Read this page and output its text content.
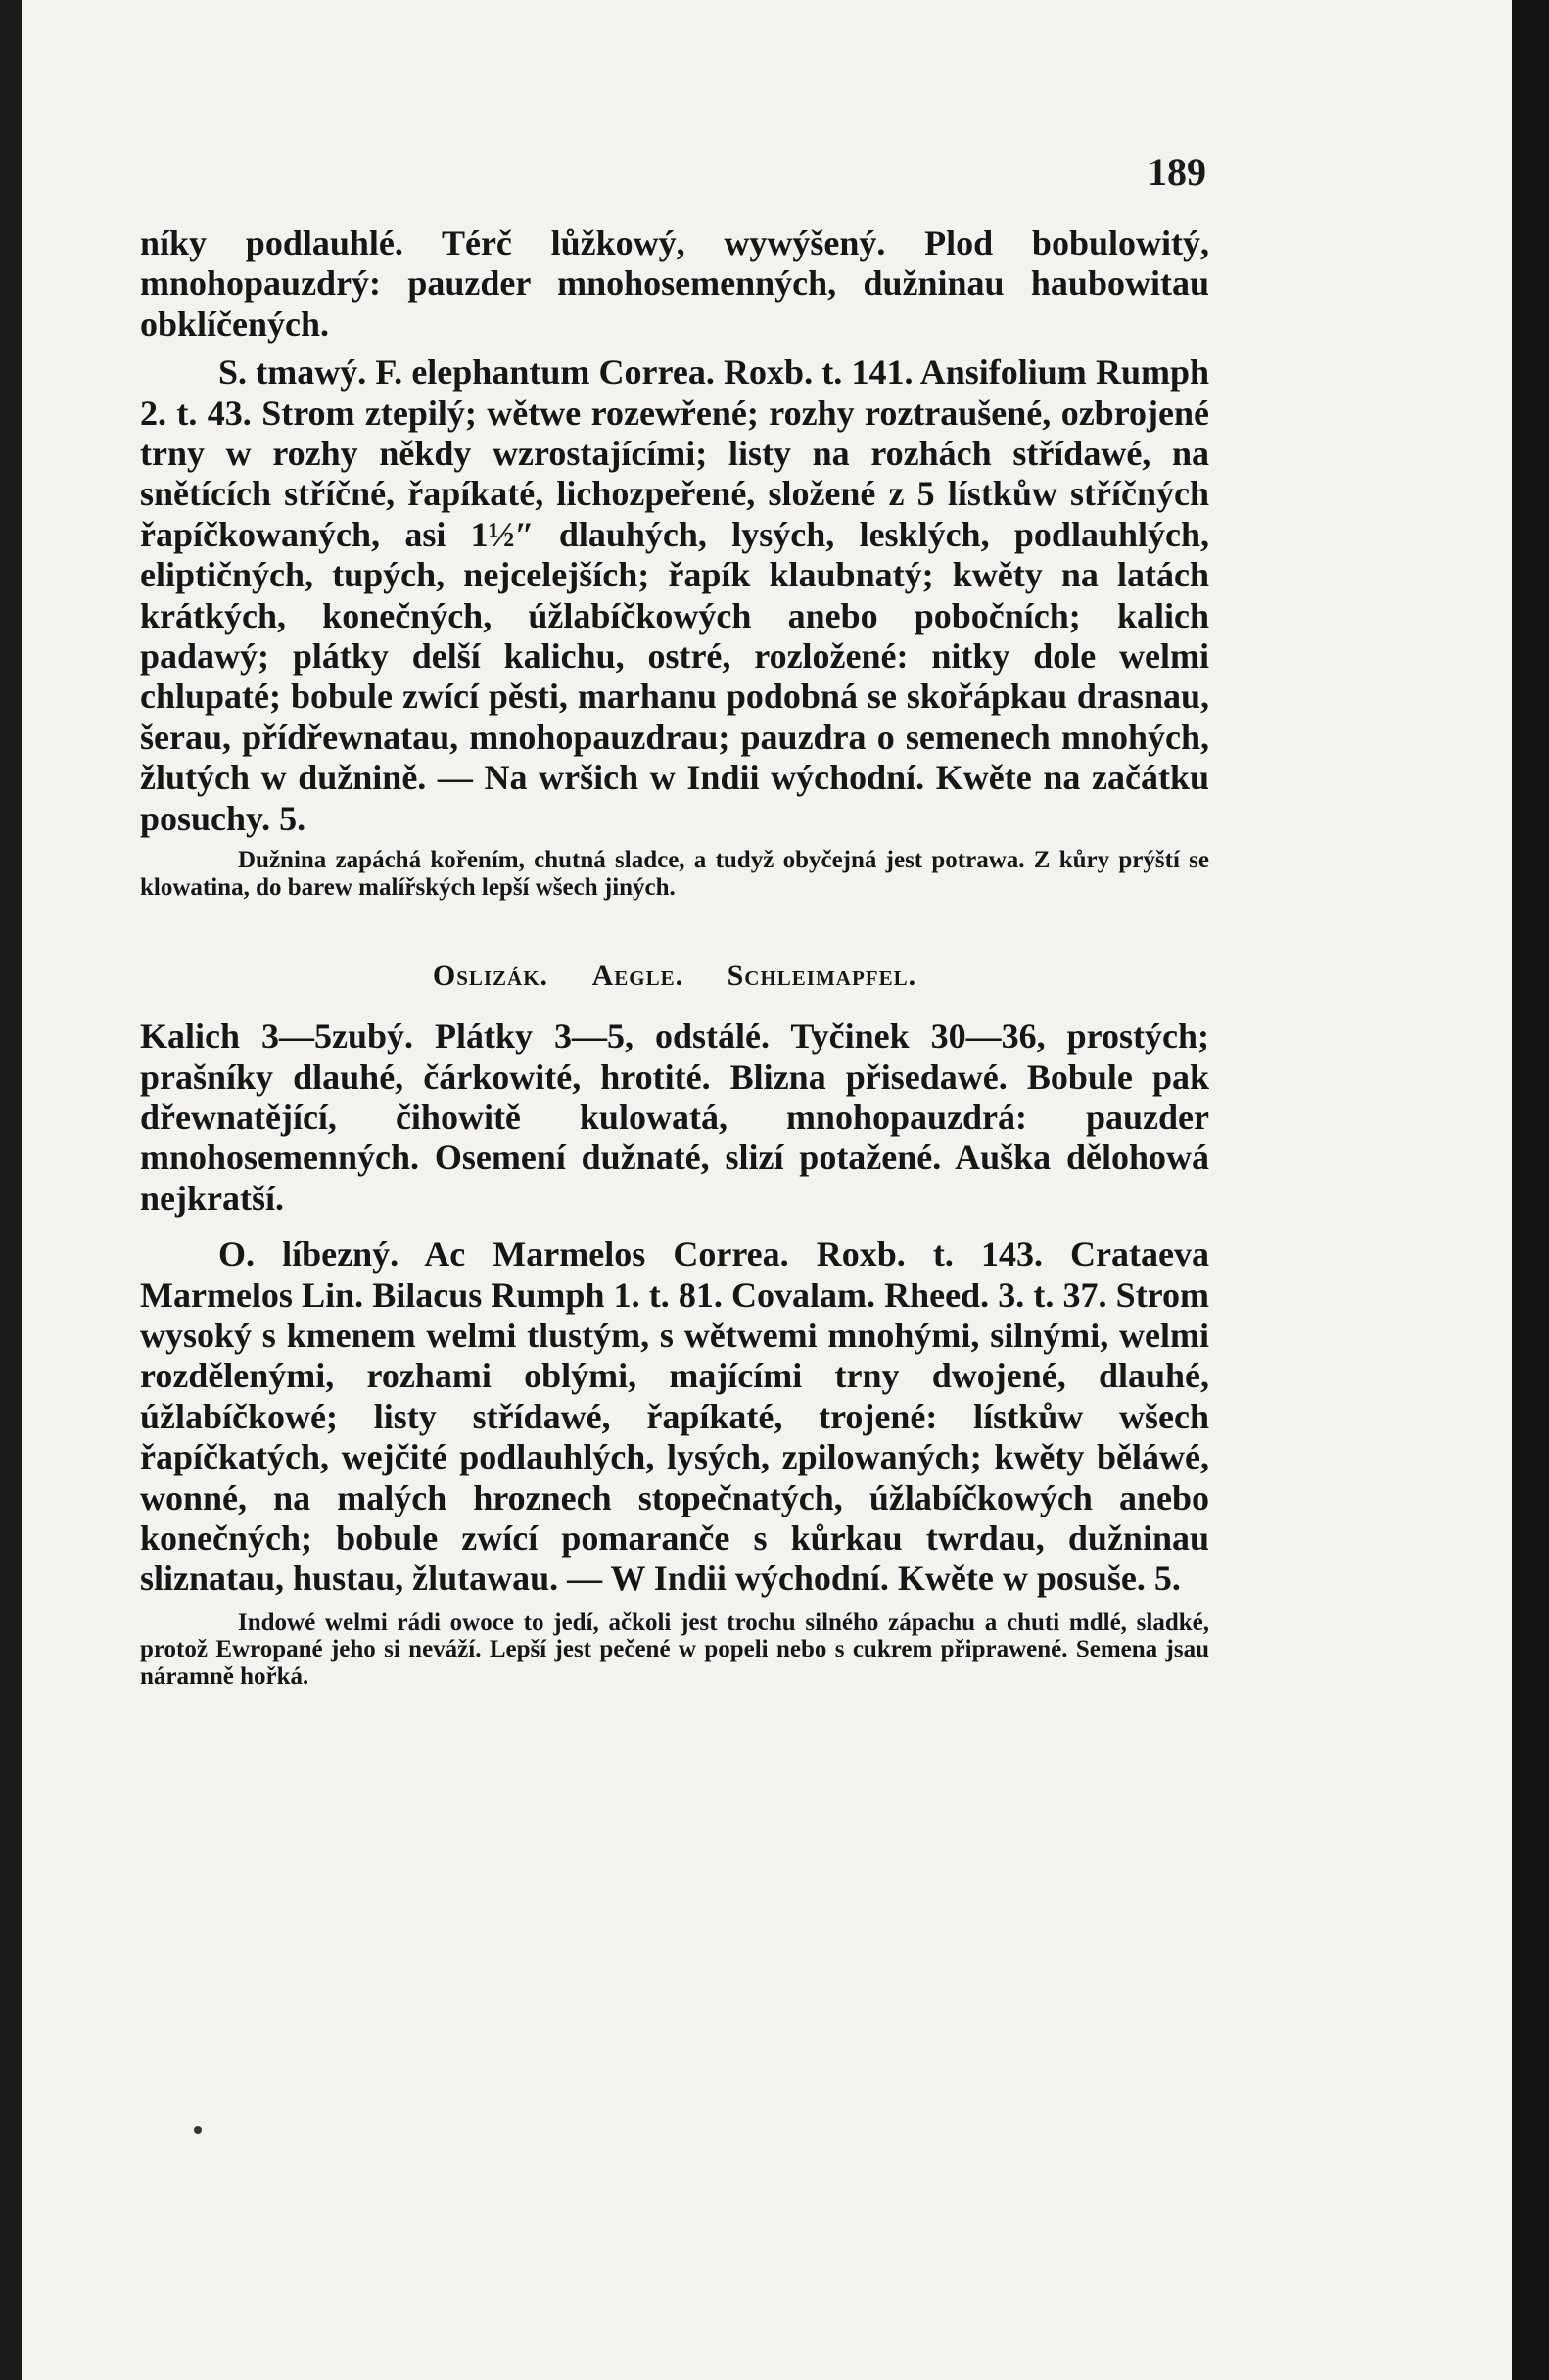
189

níky podlauhlé. Térč lůžkowý, wywýšený. Plod bobulowitý, mnohopauzdrý: pauzder mnohosemenných, dužninau haubowitau obklíčených.

S. tmawý. F. elephantum Correa. Roxb. t. 141. Ansifolium Rumph 2. t. 43. Strom ztepilý; wětwe rozewřené; rozhy roztraušené, ozbrojené trny w rozhy někdy wzrostajícími; listy na rozhách střídawé, na snětících stříčné, řapíkaté, lichozpeřené, složené z 5 lístkůw stříčných řapíčkowaných, asi 1½″ dlauhých, lysých, lesklých, podlauhlých, eliptičných, tupých, nejcelejších; řapík klaubnatý; kwěty na latách krátkých, konečných, úžlabíčkowých anebo pobočních; kalich padawý; plátky delší kalichu, ostré, rozložené: nitky dole welmi chlupaté; bobule zwící pěsti, marhanu podobná se skořápkau drasnau, šerau, přídřewnatau, mnohopauzdrau; pauzdra o semenech mnohých, žlutých w dužnině. — Na wršich w Indii wýchodní. Kwěte na začátku posuchy. 5.

Dužnina zapáchá kořením, chutná sladce, a tudyž obyčejná jest potrawa. Z kůry prýští se klowatina, do barew malířských lepší wšech jiných.

Oslizák. Aegle. Schleimapfel.

Kalich 3—5zubý. Plátky 3—5, odstálé. Tyčinek 30—36, prostých; prašníky dlauhé, čárkowité, hrotité. Blizna přisedawé. Bobule pak dřewnatějící, čihowitě kulowatá, mnohopauzdrá: pauzder mnohosemenných. Osemení dužnaté, slizí potažené. Auška dělohowá nejkratší.

O. líbezný. Ac Marmelos Correa. Roxb. t. 143. Crataeva Marmelos Lin. Bilacus Rumph 1. t. 81. Covalam. Rheed. 3. t. 37. Strom wysoký s kmenem welmi tlustým, s wětwemi mnohými, silnými, welmi rozdělenými, rozhami oblými, majícími trny dwojené, dlauhé, úžlabíčkowé; listy střídawé, řapíkaté, trojené: lístkůw wšech řapíčkatých, wejčité podlauhlých, lysých, zpilowaných; kwěty běláwé, wonné, na malých hroznech stopečnatých, úžlabíčkowých anebo konečných; bobule zwící pomaranče s kůrkau twrdau, dužninau sliznatau, hustau, žlutawau. — W Indii wýchodní. Kwěte w posuše. 5.

Indowé welmi rádi owoce to jedí, ačkoli jest trochu silného zápachu a chuti mdlé, sladké, protož Ewropané jeho si neváží. Lepší jest pečené w popeli nebo s cukrem připrawené. Semena jsau náramně hořká.
